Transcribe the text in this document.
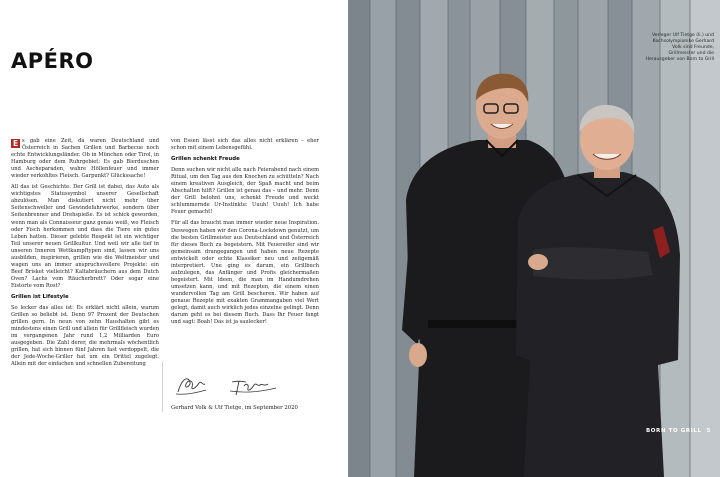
APÉRO

E s gab eine Zeit, da waren Deutschland und Österreich in Sachen Grillen und Barbecue noch echte Entwicklungsländer. Ob in München oder Tirol, in Hamburg oder dem Ruhrgebiet: Es gab Bierduschen und Ascheparaden, wahre Höllenfeuer und immer wieder verkohltes Fleisch. Garpunkt? Glückssache!

All das ist Geschichte. Der Grill ist dabei, das Auto als wichtigstes Statussymbol unserer Gesellschaft abzulösen. Man diskutiert nicht mehr über Seitenschweller und Gewindefahrwerke, sondern über Seitenbrenner und Drehspieße. Es ist schick geworden, wenn man als Connaisseur ganz genau weiß, wo Fleisch oder Fisch herkommen und dass die Tiere ein gutes Leben hatten. Dieser gelebte Respekt ist ein wichtiger Teil unserer neuen Grillkultur. Und weil wir alle tief in unseren Inneren Wettkampftypen sind, lassen wir uns ausbilden, inspirieren, grillen wie die Weltmeister und wagen uns an immer anspruchsvollere Projekte: ein Beef Brisket vielleicht? Kaltabräuchern aus dem Dutch Oven? Lachs vom Räucherbrett? Oder sogar eine Eistorte vom Rost?

Grillen ist Lifestyle

So lecker das alles ist: Es erklärt nicht allein, warum Grillen so beliebt ist. Denn 97 Prozent der Deutschen grillen gern. In neun von zehn Haushalten gibt es mindestens einen Grill und allein für Grillfleisch wurden im vergangenen Jahr rund 1,2 Milliarden Euro ausgegeben. Die Zahl derer, die mehrmals wöchentlich grillen, hat sich binnen fünf Jahren fast verdoppelt, die der Jede-Woche-Griller hat um ein Drittel zugelegt. Allein mit der einfachen und schnellen Zubereitung

von Essen lässt sich das alles nicht erklären – eher schon mit einem Lebensgefühl.

Grillen schenkt Freude

Denn suchen wir nicht alle nach Feierabend nach einem Ritual, um den Tag aus den Knochen zu schütteln? Nach einem kreativen Ausgleich, der Spaß macht und beim Abschalten hilft? Grillen ist genau das – und mehr. Denn der Grill belohnt uns, schenkt Freude und weckt schlummernde Ur-Instinkte: Uuuh! Uuuh! Ich habe Feuer gemacht!

Für all das braucht man immer wieder neue Inspiration. Deswegen haben wir den Corona-Lockdown genutzt, um die besten Grillmeister aus Deutschland und Österreich für dieses Buch zu begeistern. Mit Feuereifer sind wir gemeinsam drangegangen und haben neue Rezepte entwickelt oder echte Klassiker neu und zeitgemäß interpretiert. Une ging es darum, ein Grillbuch aufzulegen, das Anfänger und Profis gleichermaßen begeistert. Mit Ideen, die man im Handumdrehen umsetzen kann, und mit Rezepten, die einem einen wundervollen Tag am Grill bescheren. Wir haben auf genaue Rezepte mit exakten Grammangaben viel Wert gelegt, damit auch wirklich jedes einzelne gelingt. Denn darum geht es bei diesem Buch. Dass Ihr Feuer fangt und sagt: Boah! Das ist ja saulecker!

Gerhard Volk & Ulf Tietge, im September 2020

Verleger Ulf Tietge (li.) und
Kochsolympionike Gerhard
Volk sind Freunde,
Grillmeister und die
Herausgeber von Born to Grill

BORN TO GRILL 5
